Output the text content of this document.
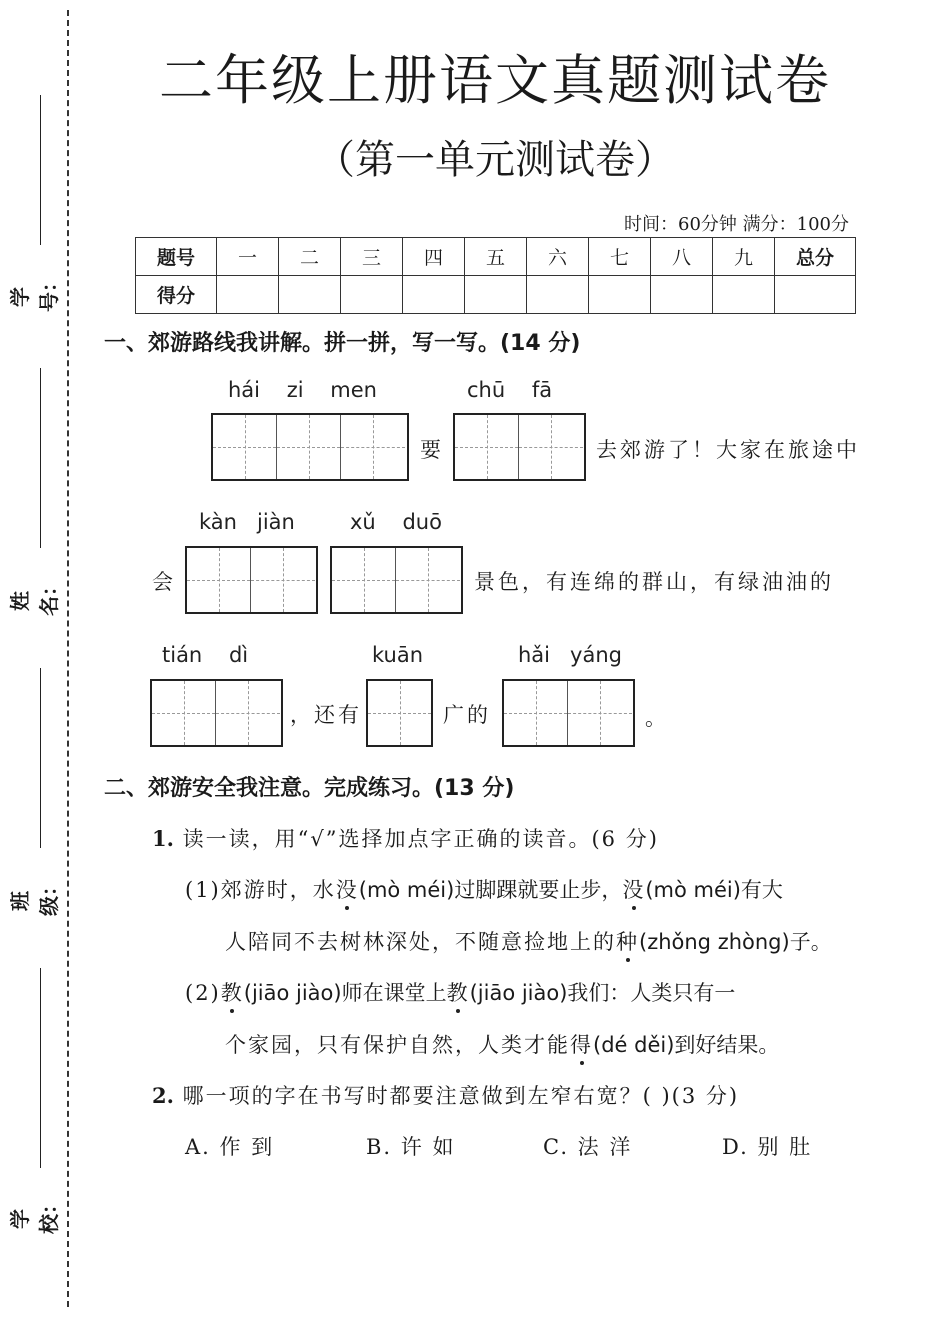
学号：
姓名：
班级：
学校：
二年级上册语文真题测试卷
（第一单元测试卷）
时间：60分钟 满分：100分
题号	一	二	三	四	五	六	七	八	九	总分
得分										
一、郊游路线我讲解。拼一拼，写一写。(14 分)
hái    zi    men	chū    fā
要	去郊游了！大家在旅途中
kàn   jiàn	xǔ    duō
会	景色，有连绵的群山，有绿油油的
tián    dì	kuān	hǎi   yáng
，还有	广的	。
二、郊游安全我注意。完成练习。(13 分)
1. 读一读，用“√”选择加点字正确的读音。(6 分)
(1)郊游时，水没(mò méi)过脚踝就要止步，没(mò méi)有大
人陪同不去树林深处，不随意捡地上的种(zhǒng zhòng)子。
(2)教(jiāo jiào)师在课堂上教(jiāo jiào)我们：人类只有一
个家园，只有保护自然，人类才能得(dé děi)到好结果。
2. 哪一项的字在书写时都要注意做到左窄右宽？( )(3 分)
A. 作 到	B. 许 如	C. 法 洋	D. 别 肚
